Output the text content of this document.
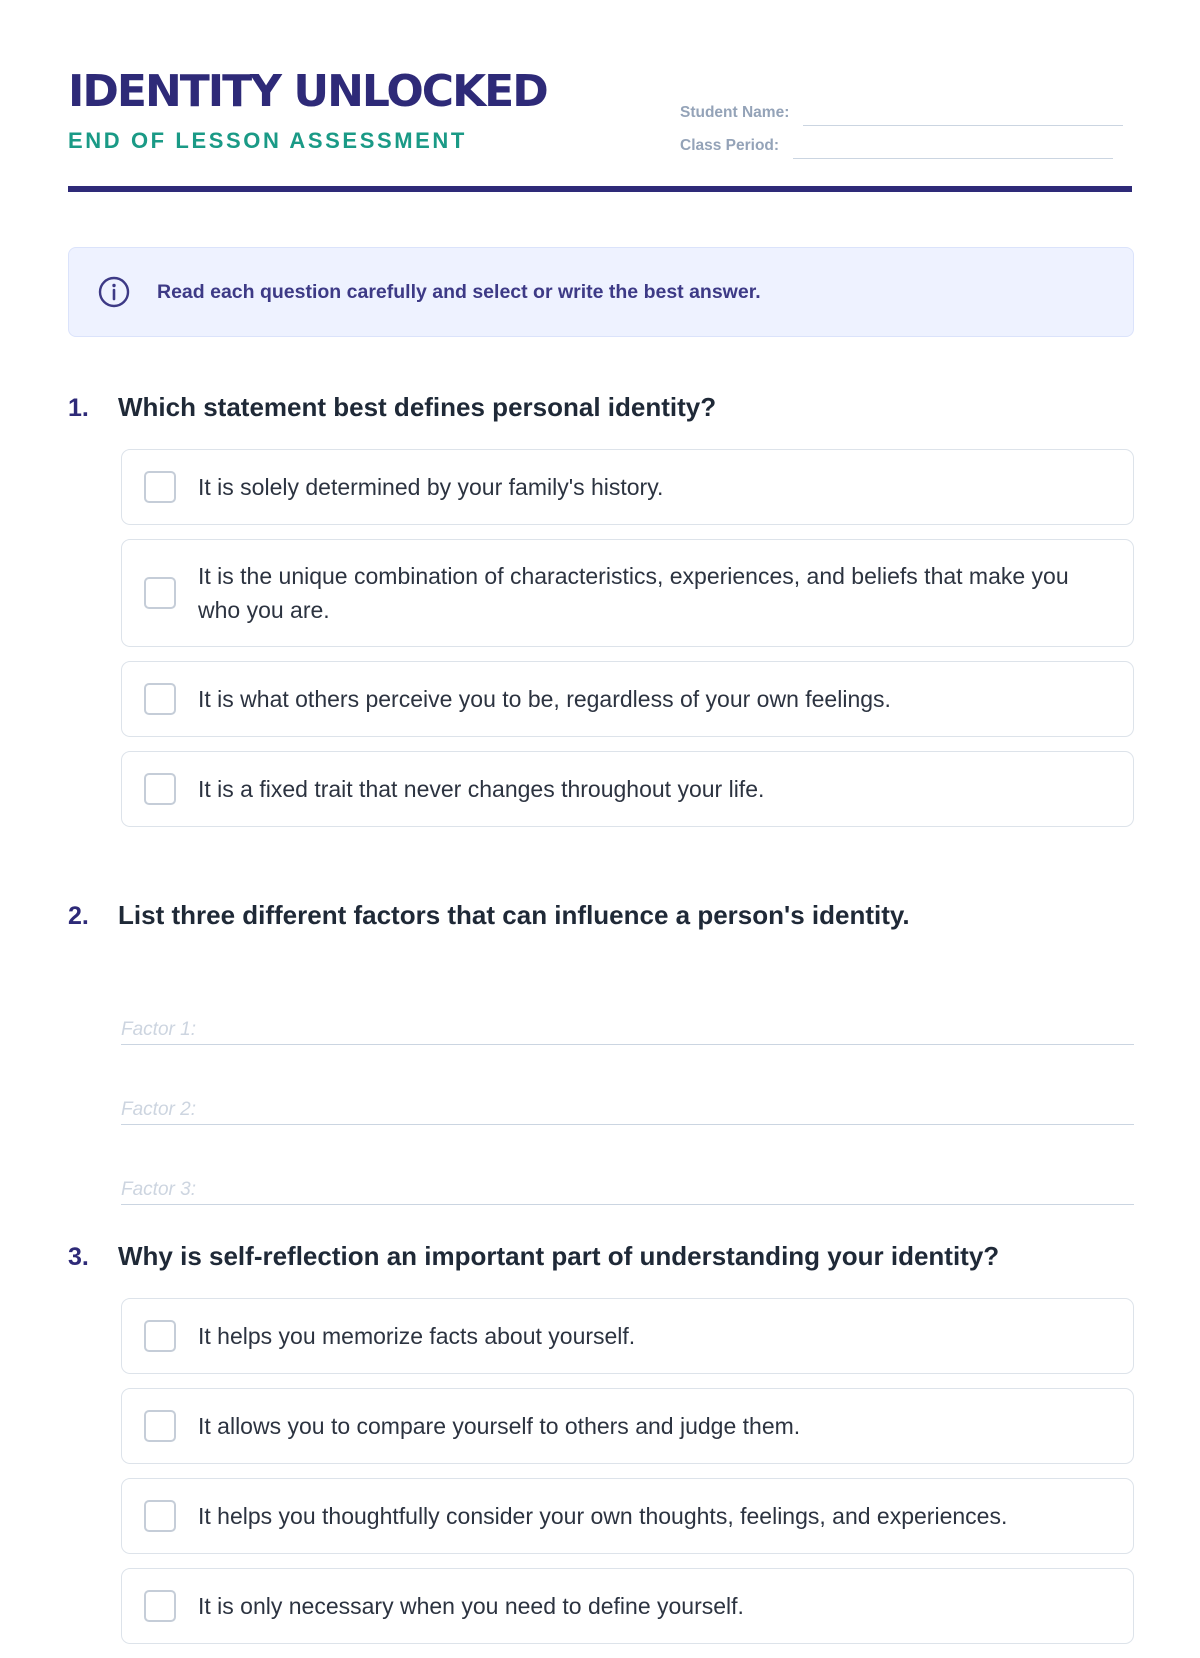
IDENTITY UNLOCKED
END OF LESSON ASSESSMENT
Student Name:
Class Period:
Read each question carefully and select or write the best answer.
1.	Which statement best defines personal identity?
It is solely determined by your family's history.
It is the unique combination of characteristics, experiences, and beliefs that make you who you are.
It is what others perceive you to be, regardless of your own feelings.
It is a fixed trait that never changes throughout your life.
2.	List three different factors that can influence a person's identity.
Factor 1:
Factor 2:
Factor 3:
3.	Why is self-reflection an important part of understanding your identity?
It helps you memorize facts about yourself.
It allows you to compare yourself to others and judge them.
It helps you thoughtfully consider your own thoughts, feelings, and experiences.
It is only necessary when you need to define yourself.
